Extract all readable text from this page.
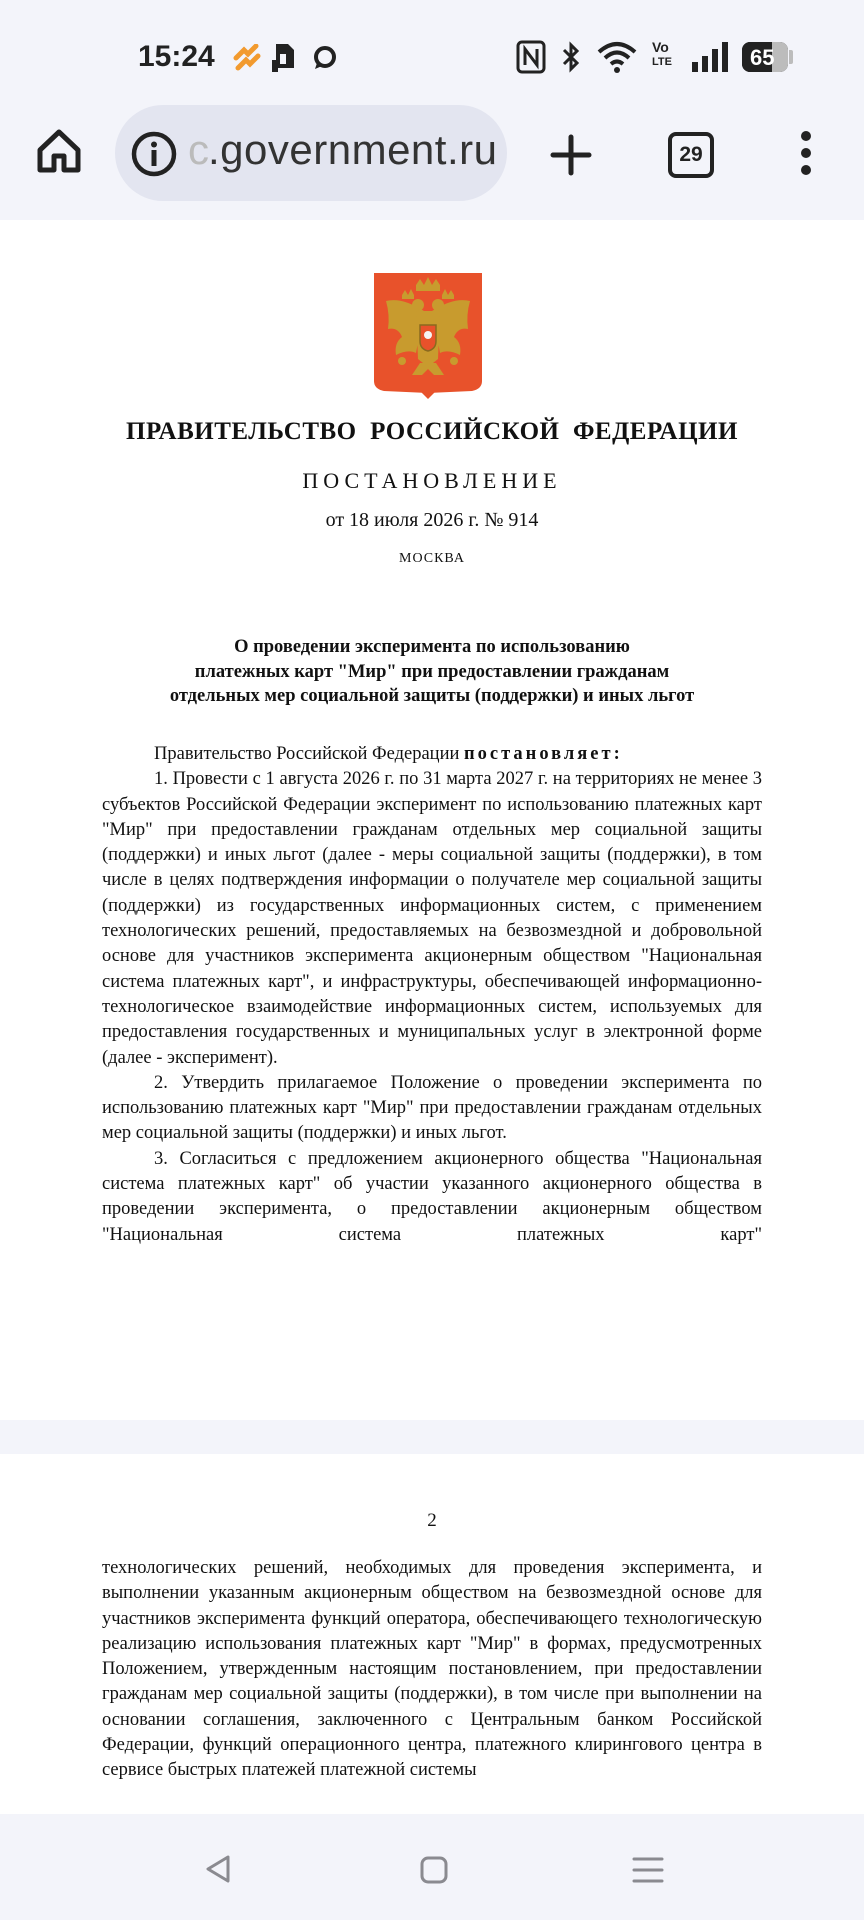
15:24	Vo
LTE	65
c .government.ru	29
ПРАВИТЕЛЬСТВО  РОССИЙСКОЙ  ФЕДЕРАЦИИ
ПОСТАНОВЛЕНИЕ
от 18 июля 2026 г. № 914
МОСКВА
О проведении эксперимента по использованию
платежных карт "Мир" при предоставлении гражданам
отдельных мер социальной защиты (поддержки) и иных льгот

Правительство Российской Федерации постановляет:

1. Провести с 1 августа 2026 г. по 31 марта 2027 г. на территориях не менее 3 субъектов Российской Федерации эксперимент по использованию платежных карт "Мир" при предоставлении гражданам отдельных мер социальной защиты (поддержки) и иных льгот (далее - меры социальной защиты (поддержки), в том числе в целях подтверждения информации о получателе мер социальной защиты (поддержки) из государственных информационных систем, с применением технологических решений, предоставляемых на безвозмездной и добровольной основе для участников эксперимента акционерным обществом "Национальная система платежных карт", и инфраструктуры, обеспечивающей информационно-технологическое взаимодействие информационных систем, используемых для предоставления государственных и муниципальных услуг в электронной форме (далее - эксперимент).

2. Утвердить прилагаемое Положение о проведении эксперимента по использованию платежных карт "Мир" при предоставлении гражданам отдельных мер социальной защиты (поддержки) и иных льгот.

3. Согласиться с предложением акционерного общества "Национальная система платежных карт" об участии указанного акционерного общества в проведении эксперимента, о предоставлении акционерным обществом "Национальная система платежных карт"

2

технологических решений, необходимых для проведения эксперимента, и выполнении указанным акционерным обществом на безвозмездной основе для участников эксперимента функций оператора, обеспечивающего технологическую реализацию использования платежных карт "Мир" в формах, предусмотренных Положением, утвержденным настоящим постановлением, при предоставлении гражданам мер социальной защиты (поддержки), в том числе при выполнении на основании соглашения, заключенного с Центральным банком Российской Федерации, функций операционного центра, платежного клирингового центра в сервисе быстрых платежей платежной системы
